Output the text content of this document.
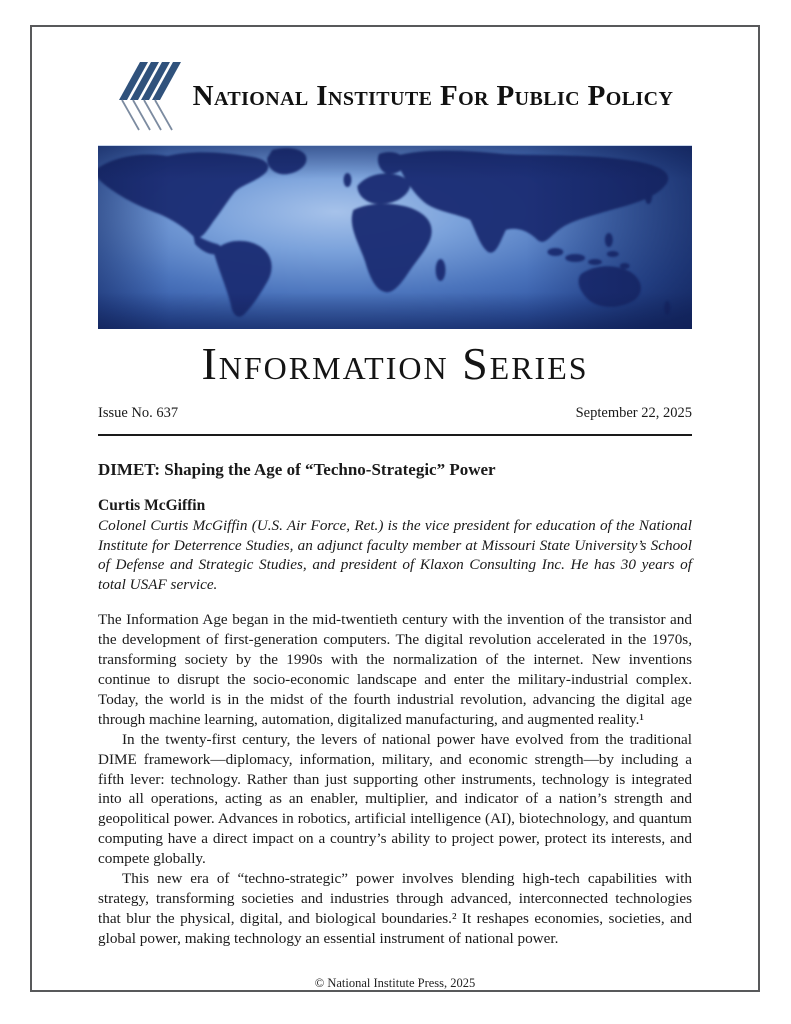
National Institute For Public Policy
Information Series
Issue No. 637	September 22, 2025
DIMET: Shaping the Age of “Techno-Strategic” Power

Curtis McGiffin

Colonel Curtis McGiffin (U.S. Air Force, Ret.) is the vice president for education of the National Institute for Deterrence Studies, an adjunct faculty member at Missouri State University’s School of Defense and Strategic Studies, and president of Klaxon Consulting Inc. He has 30 years of total USAF service.

The Information Age began in the mid-twentieth century with the invention of the transistor and the development of first-generation computers. The digital revolution accelerated in the 1970s, transforming society by the 1990s with the normalization of the internet. New inventions continue to disrupt the socio-economic landscape and enter the military-industrial complex. Today, the world is in the midst of the fourth industrial revolution, advancing the digital age through machine learning, automation, digitalized manufacturing, and augmented reality.¹

In the twenty-first century, the levers of national power have evolved from the traditional DIME framework—diplomacy, information, military, and economic strength—by including a fifth lever: technology. Rather than just supporting other instruments, technology is integrated into all operations, acting as an enabler, multiplier, and indicator of a nation’s strength and geopolitical power. Advances in robotics, artificial intelligence (AI), biotechnology, and quantum computing have a direct impact on a country’s ability to project power, protect its interests, and compete globally.

This new era of “techno-strategic” power involves blending high-tech capabilities with strategy, transforming societies and industries through advanced, interconnected technologies that blur the physical, digital, and biological boundaries.² It reshapes economies, societies, and global power, making technology an essential instrument of national power.

© National Institute Press, 2025
